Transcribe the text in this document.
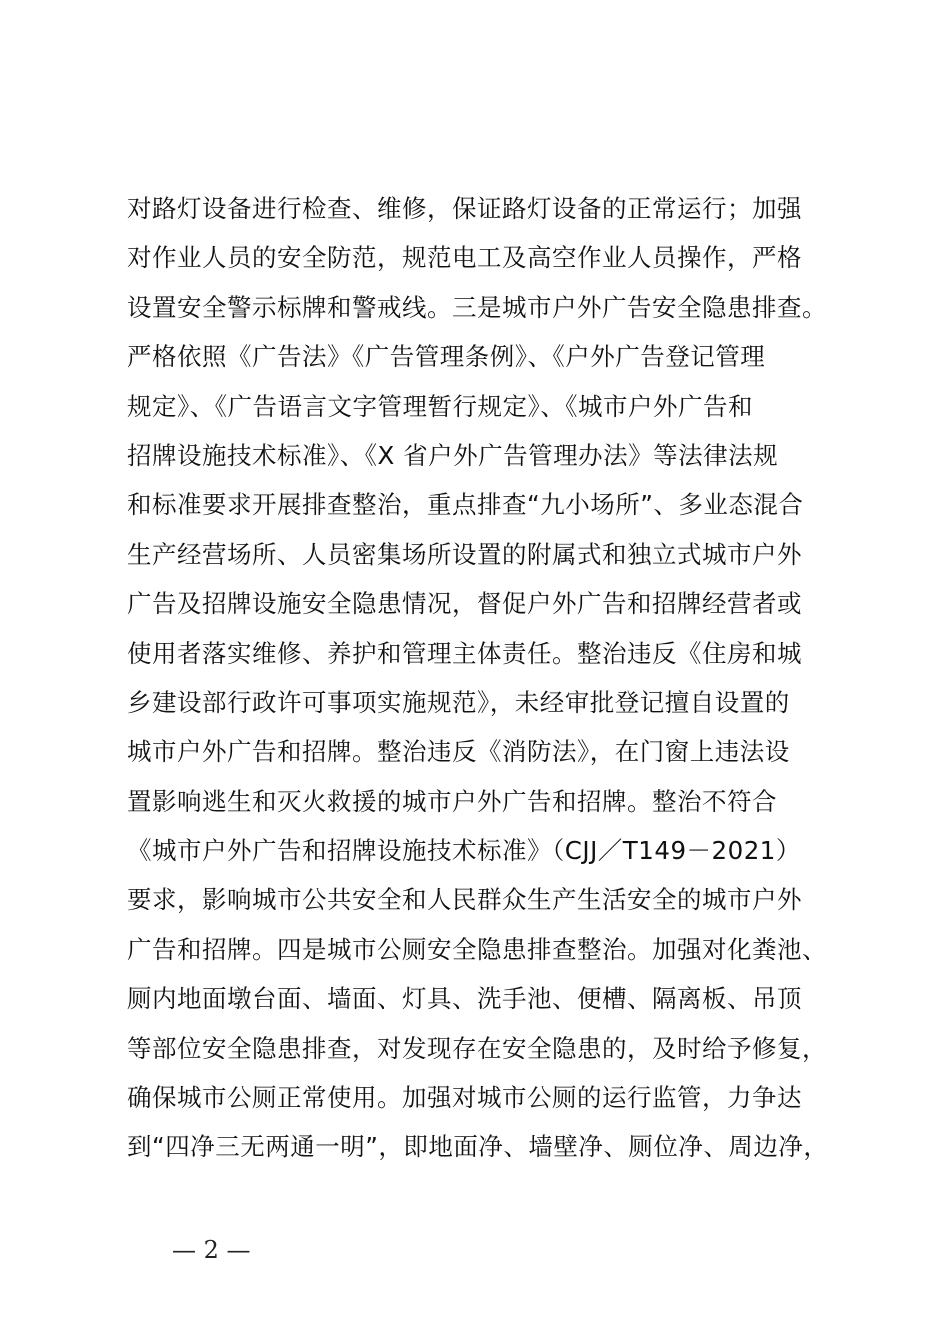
对路灯设备进行检查、维修，保证路灯设备的正常运行；加强
对作业人员的安全防范，规范电工及高空作业人员操作，严格
设置安全警示标牌和警戒线。三是城市户外广告安全隐患排查。
严格依照《广告法》《广告管理条例》、《户外广告登记管理
规定》、《广告语言文字管理暂行规定》、《城市户外广告和
招牌设施技术标准》、《X 省户外广告管理办法》等法律法规
和标准要求开展排查整治，重点排查“九小场所”、多业态混合
生产经营场所、人员密集场所设置的附属式和独立式城市户外
广告及招牌设施安全隐患情况，督促户外广告和招牌经营者或
使用者落实维修、养护和管理主体责任。整治违反《住房和城
乡建设部行政许可事项实施规范》，未经审批登记擅自设置的
城市户外广告和招牌。整治违反《消防法》，在门窗上违法设
置影响逃生和灭火救援的城市户外广告和招牌。整治不符合
《城市户外广告和招牌设施技术标准》（CJJ／T149－2021）
要求，影响城市公共安全和人民群众生产生活安全的城市户外
广告和招牌。四是城市公厕安全隐患排查整治。加强对化粪池、
厕内地面墩台面、墙面、灯具、洗手池、便槽、隔离板、吊顶
等部位安全隐患排查，对发现存在安全隐患的，及时给予修复，
确保城市公厕正常使用。加强对城市公厕的运行监管，力争达
到“四净三无两通一明”，即地面净、墙壁净、厕位净、周边净，
— 2 —
